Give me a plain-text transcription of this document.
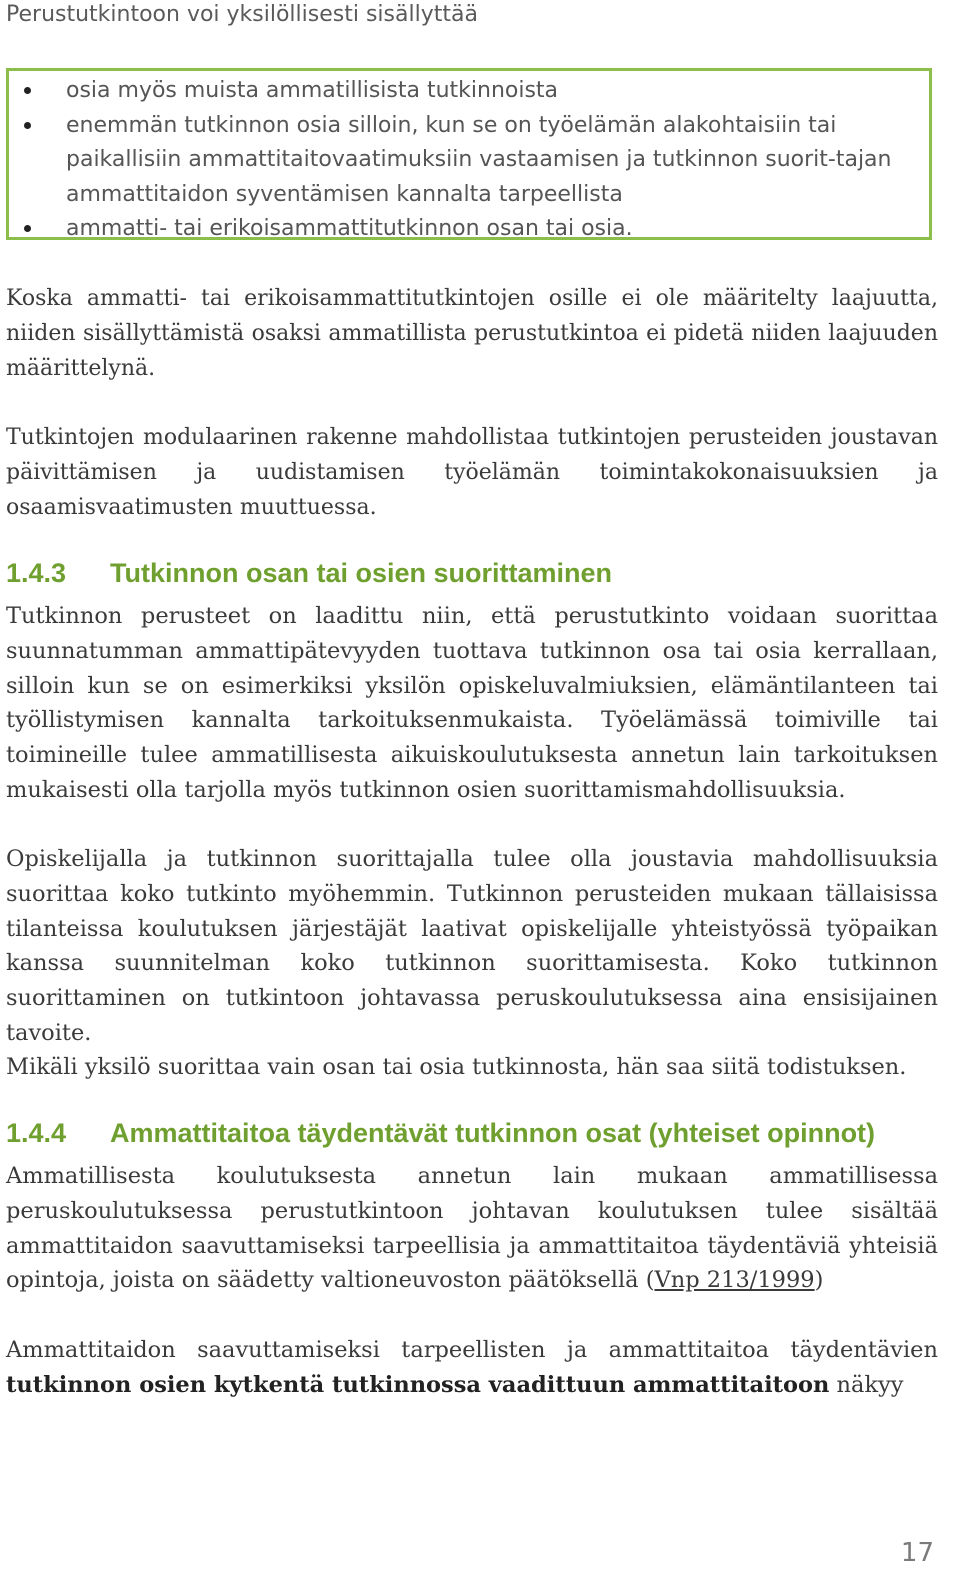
Perustutkintoon voi yksilöllisesti sisällyttää
osia myös muista ammatillisista tutkinnoista
enemmän tutkinnon osia silloin, kun se on työelämän alakohtaisiin tai paikallisiin ammattitaitovaatimuksiin vastaamisen ja tutkinnon suorit-tajan ammattitaidon syventämisen kannalta tarpeellista
ammatti- tai erikoisammattitutkinnon osan tai osia.

Koska ammatti- tai erikoisammattitutkintojen osille ei ole määritelty laajuutta, niiden sisällyttämistä osaksi ammatillista perustutkintoa ei pidetä niiden laajuuden määrittelynä.

Tutkintojen modulaarinen rakenne mahdollistaa tutkintojen perusteiden joustavan päivittämisen ja uudistamisen työelämän toimintakokonaisuuksien ja osaamisvaatimusten muuttuessa.

1.4.3 Tutkinnon osan tai osien suorittaminen

Tutkinnon perusteet on laadittu niin, että perustutkinto voidaan suorittaa suunnatumman ammattipätevyyden tuottava tutkinnon osa tai osia kerrallaan, silloin kun se on esimerkiksi yksilön opiskeluvalmiuksien, elämäntilanteen tai työllistymisen kannalta tarkoituksenmukaista. Työelämässä toimiville tai toimineille tulee ammatillisesta aikuiskoulutuksesta annetun lain tarkoituksen mukaisesti olla tarjolla myös tutkinnon osien suorittamismahdollisuuksia.

Opiskelijalla ja tutkinnon suorittajalla tulee olla joustavia mahdollisuuksia suorittaa koko tutkinto myöhemmin. Tutkinnon perusteiden mukaan tällaisissa tilanteissa koulutuksen järjestäjät laativat opiskelijalle yhteistyössä työpaikan kanssa suunnitelman koko tutkinnon suorittamisesta. Koko tutkinnon suorittaminen on tutkintoon johtavassa peruskoulutuksessa aina ensisijainen tavoite.

Mikäli yksilö suorittaa vain osan tai osia tutkinnosta, hän saa siitä todistuksen.

1.4.4 Ammattitaitoa täydentävät tutkinnon osat (yhteiset opinnot)

Ammatillisesta koulutuksesta annetun lain mukaan ammatillisessa peruskoulutuksessa perustutkintoon johtavan koulutuksen tulee sisältää ammattitaidon saavuttamiseksi tarpeellisia ja ammattitaitoa täydentäviä yhteisiä opintoja, joista on säädetty valtioneuvoston päätöksellä (Vnp 213/1999)

Ammattitaidon saavuttamiseksi tarpeellisten ja ammattitaitoa täydentävien tutkinnon osien kytkentä tutkinnossa vaadittuun ammattitaitoon näkyy

17
